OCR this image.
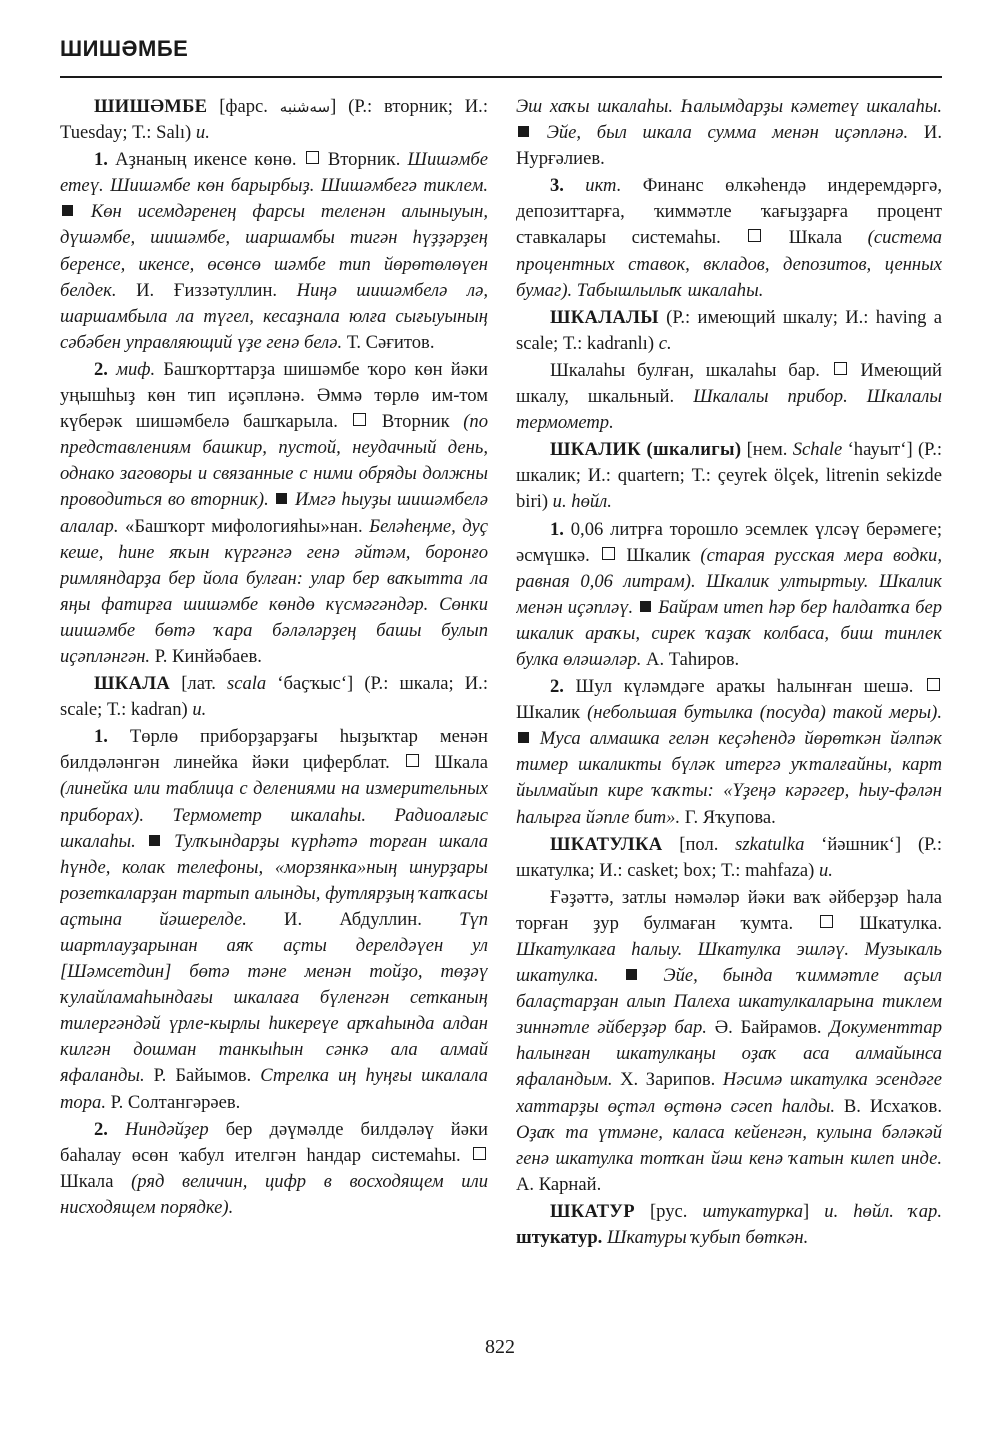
ШИШӘМБЕ

ШИШӘМБЕ [фарс. سه‌شنبه] (Р.: вторник; И.: Tuesday; Т.: Salı) и.

1. Аҙнаның икенсе көнө.  Вторник. Шишәмбе етеү. Шишәмбе көн барырбыҙ. Шишәмбегә тиклем.  Көн исемдәренең фарсы теленән алыныуын, дүшәмбе, шишәмбе, шаршамбы тигән һүҙҙәрҙең беренсе, икенсе, өсөнсө шәмбе тип йөрөтөлөүен белдек. И. Ғиззәтуллин. Ниңә шишәмбелә лә, шаршамбыла ла түгел, кесаҙнала юлға сығыуының сәбәбен управляющий үҙе генә белә. Т. Сәғитов.

2. миф. Башҡорттарҙа шишәмбе ҡоро көн йәки уңышһыҙ көн тип иҫәпләнә. Әммә төрлө им-том күберәк шишәмбелә башҡарыла.  Вторник (по представлениям башкир, пустой, неудачный день, однако заговоры и связанные с ними обряды должны проводиться во вторник).  Имгә һыуҙы шишәмбелә алалар. «Башҡорт мифологияһы»нан. Беләһеңме, дуҫ кеше, һине яҡын күргәнгә генә әйтәм, боронғо римляндарҙа бер йола булған: улар бер ваҡытта ла яңы фатирға шишәмбе көндө күсмәгәндәр. Сөнки шишәмбе бөтә ҡара бәләләрҙең башы булып иҫәпләнгән. Р. Кинйәбаев.

ШКАЛА [лат. scala ‘баҫҡыс‘] (Р.: шкала; И.: scale; Т.: kadran) и.

1. Төрлө приборҙарҙағы һыҙыҡтар менән билдәләнгән линейка йәки циферблат.  Шкала (линейка или таблица с делениями на измерительных приборах). Термометр шкалаһы. Радиоалғыс шкалаһы.  Тулҡындарҙы күрһәтә торған шкала һүнде, колак телефоны, «морзянка»ның шнурҙары розеткаларҙан тартып алынды, футлярҙың ҡапҡасы аҫтына йәшерелде. И. Абдуллин. Түп шартлауҙарынан аяҡ аҫты дерелдәүен ул [Шәмсетдин] бөтә тәне менән тойҙо, төҙәү ҡулайламаһындағы шкалаға бүленгән сетканың тилергәндәй үрле-кырлы һикереүе арҡаһында алдан килгән дошман танкыһын сәнкә ала алмай яфаланды. Р. Байымов. Стрелка иң һуңғы шкалала тора. Р. Солтангәрәев.

2. Ниндәйҙер бер дәүмәлде билдәләү йәки баһалау өсөн ҡабул ителгән һандар системаһы.  Шкала (ряд величин, цифр в восходящем или нисходящем порядке).

Эш хаҡы шкалаһы. Һалымдарҙы кәметеү шкалаһы.  Эйе, был шкала сумма менән иҫәпләнә. И. Нурғәлиев.

3. икт. Финанс өлкәһендә индеремдәргә, депозиттарға, ҡиммәтле ҡағыҙҙарға процент ставкалары системаһы.  Шкала (система процентных ставок, вкладов, депозитов, ценных бумаг). Табышлылыҡ шкалаһы.

ШКАЛАЛЫ (Р.: имеющий шкалу; И.: having a scale; Т.: kadranlı) с.

Шкалаһы булған, шкалаһы бар.  Имеющий шкалу, шкальный. Шкалалы прибор. Шкалалы термометр.

ШКАЛИК (шкалигы) [нем. Schale ‘һауыт‘] (Р.: шкалик; И.: quartern; Т.: çeyrek ölçek, litrenin sekizde biri) и. һөйл.

1. 0,06 литрға торошло эсемлек үлсәү берәмеге; әсмүшкә.  Шкалик (старая русская мера водки, равная 0,06 литрам). Шкалик ултыртыу. Шкалик менән иҫәпләү.  Байрам итеп һәр бер һалдатҡа бер шкалик араҡы, сирек ҡаҙаҡ колбаса, биш тинлек булка өләшәләр. А. Таһиров.

2. Шул күләмдәге араҡы һалынған шешә.  Шкалик (небольшая бутылка (посуда) такой меры).  Муса алмашка гелән кеҫәһендә йөрөткән йәлпәк тимер шкаликты бүләк итергә уҡталғайны, карт йылмайып кире ҡаҡты: «Үҙеңә кәрәгер, һыу-фәлән һалырға йәпле бит». Г. Яҡупова.

ШКАТУЛКА [пол. szkatulka ‘йәшник‘] (Р.: шкатулка; И.: casket; box; Т.: mahfaza) и.

Ғәҙәттә, затлы нәмәләр йәки ваҡ әйберҙәр һала торған ҙур булмаған ҡумта.  Шкатулка. Шкатулкаға һалыу. Шкатулка эшләү. Музыкаль шкатулка.  Эйе, бында ҡиммәтле аҫыл балаҫтарҙан алып Палеха шкатулкаларына тиклем зиннәтле әйберҙәр бар. Ә. Байрамов. Документтар һалынған шкатулкаңы оҙаҡ аса алмайынса яфаландым. Х. Зарипов. Нәсимә шкатулка эсендәге хаттарҙы өҫтәл өҫтөнә сәсеп һалды. В. Исхаҡов. Оҙаҡ та үтмәне, каласа кейенгән, кулына бәләкәй генә шкатулка тотҡан йәш кенә ҡатын килеп инде. А. Карнай.

ШКАТУР [рус. штукатурка] и. һөйл. ҡар. штукатур. Шкатуры ҡубып бөткән.

822
